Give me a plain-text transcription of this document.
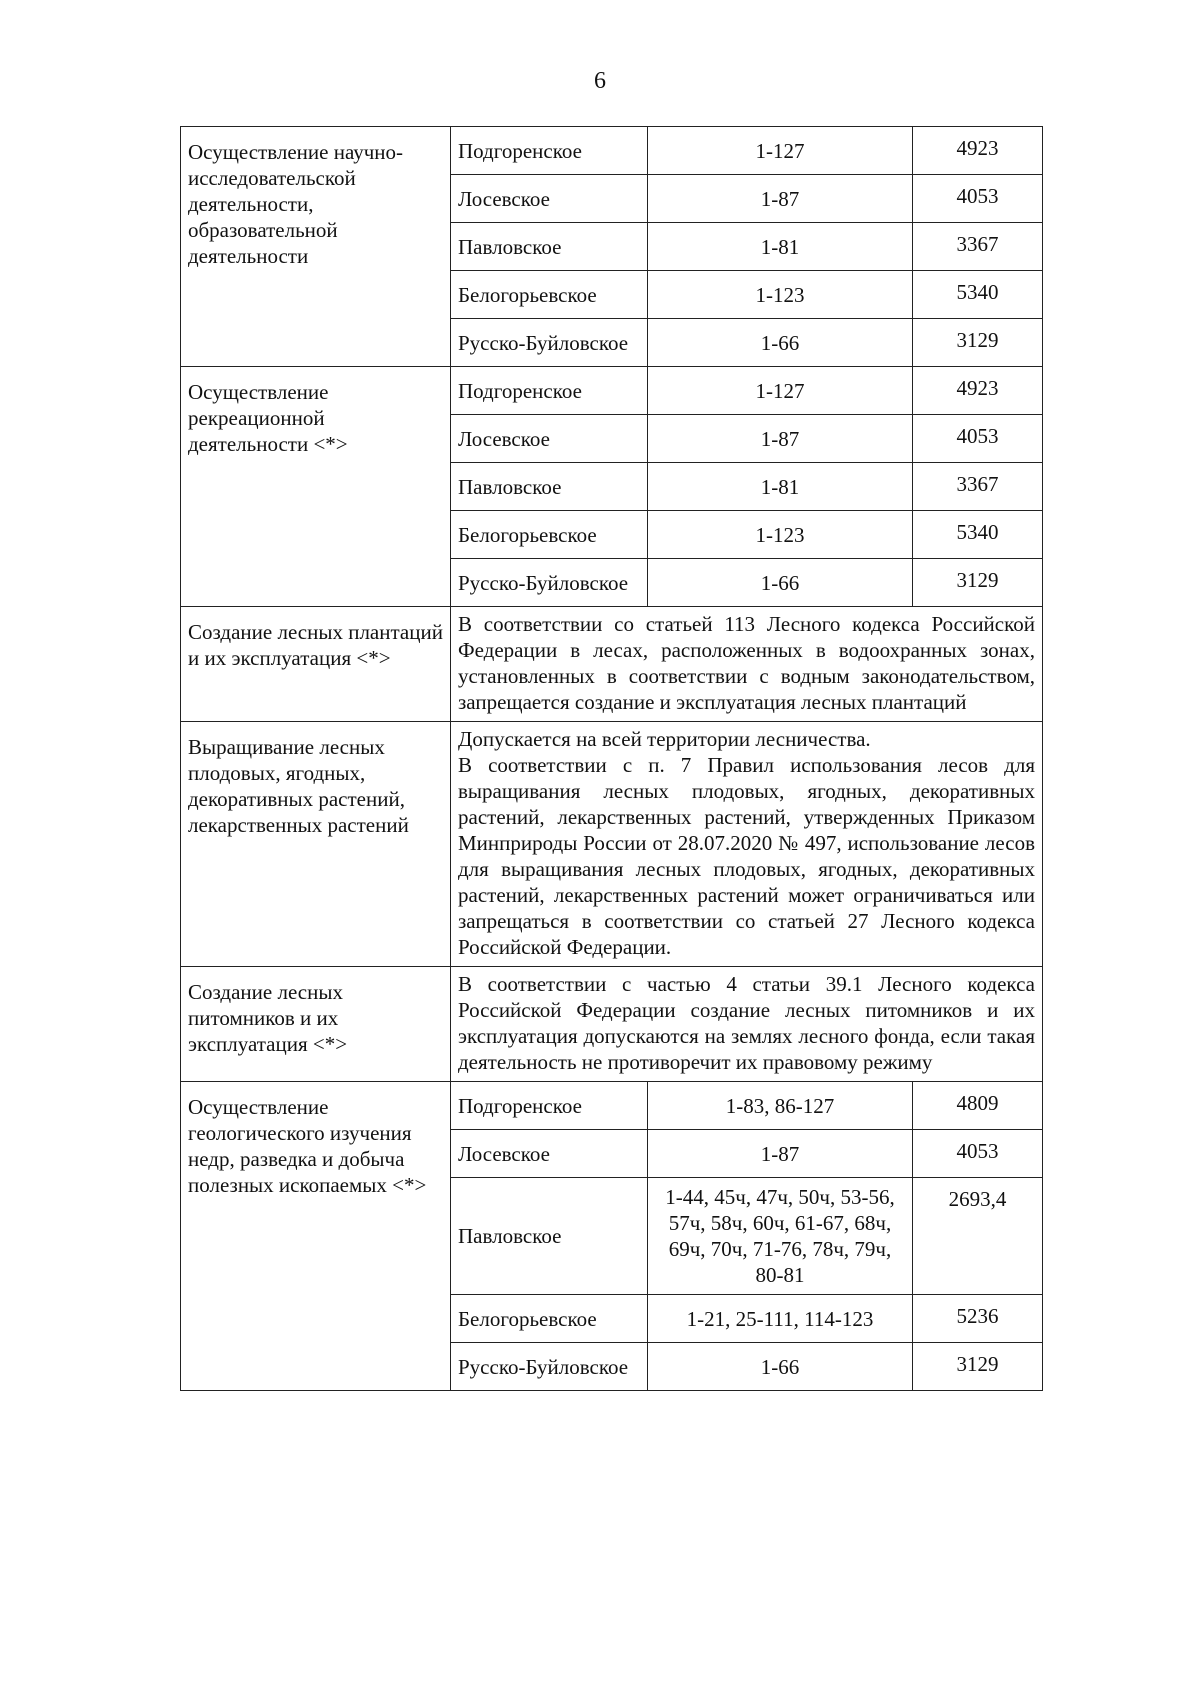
6
Осуществление научно-исследовательской деятельности, образовательной деятельности	Подгоренское	1-127	4923
	Лосевское	1-87	4053
	Павловское	1-81	3367
	Белогорьевское	1-123	5340
	Русско-Буйловское	1-66	3129
Осуществление рекреационной деятельности <*>	Подгоренское	1-127	4923
	Лосевское	1-87	4053
	Павловское	1-81	3367
	Белогорьевское	1-123	5340
	Русско-Буйловское	1-66	3129
Создание лесных плантаций и их эксплуатация <*>	В соответствии со статьей 113 Лесного кодекса Российской Федерации в лесах, расположенных в водоохранных зонах, установленных в соответствии с водным законодательством, запрещается создание и эксплуатация лесных плантаций		

Выращивание лесных плодовых, ягодных, декоративных растений, лекарственных растений	Допускается на всей территории лесничества.
В соответствии с п. 7 Правил использования лесов для выращивания лесных плодовых, ягодных, декоративных растений, лекарственных растений, утвержденных Приказом Минприроды России от 28.07.2020 № 497, использование лесов для выращивания лесных плодовых, ягодных, декоративных растений, лекарственных растений может ограничиваться или запрещаться в соответствии со статьей 27 Лесного кодекса Российской Федерации.		

Создание лесных питомников и их эксплуатация <*>	В соответствии с частью 4 статьи 39.1 Лесного кодекса Российской Федерации создание лесных питомников и их эксплуатация допускаются на землях лесного фонда, если такая деятельность не противоречит их правовому режиму		

Осуществление геологического изучения недр, разведка и добыча полезных ископаемых <*>	Подгоренское	1-83, 86-127	4809
	Лосевское	1-87	4053
	Павловское	1-44, 45ч, 47ч, 50ч, 53-56, 57ч, 58ч, 60ч, 61-67, 68ч, 69ч, 70ч, 71-76, 78ч, 79ч, 80-81	2693,4
	Белогорьевское	1-21, 25-111, 114-123	5236
	Русско-Буйловское	1-66	3129
